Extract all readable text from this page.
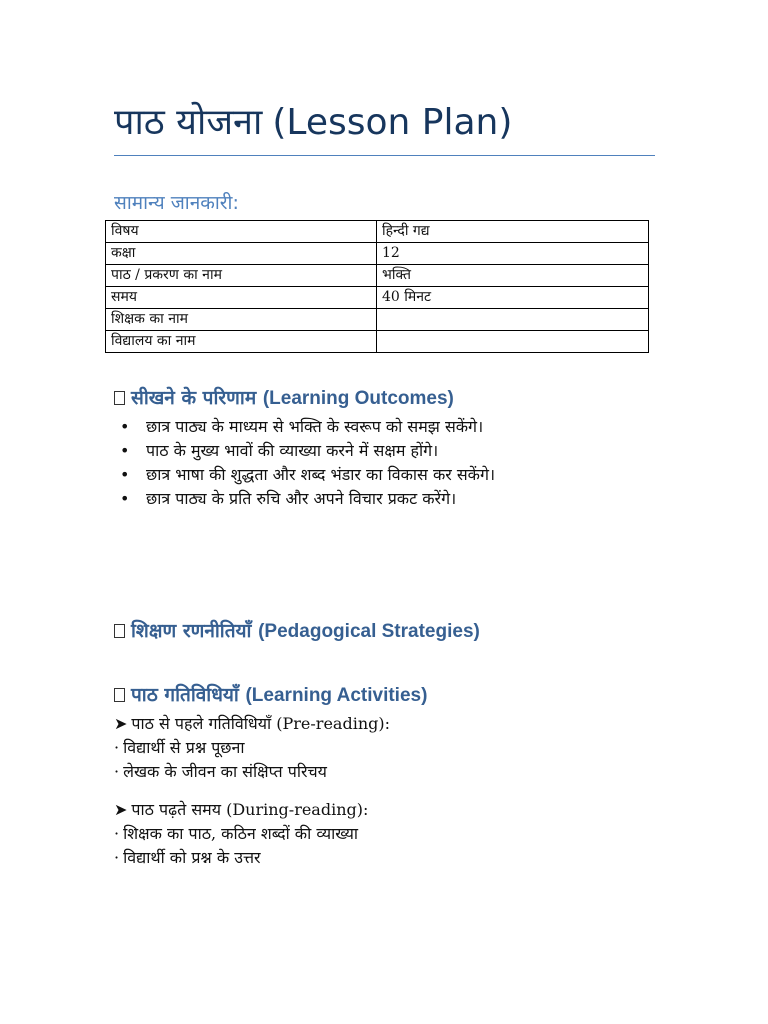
पाठ योजना (Lesson Plan)
सामान्य जानकारी:
विषय	हिन्दी गद्य
कक्षा	12
पाठ / प्रकरण का नाम	भक्ति
समय	40 मिनट
शिक्षक का नाम	
विद्यालय का नाम	
सीखने के परिणाम (Learning Outcomes)
• छात्र पाठ्य के माध्यम से भक्ति के स्वरूप को समझ सकेंगे।
• पाठ के मुख्य भावों की व्याख्या करने में सक्षम होंगे।
• छात्र भाषा की शुद्धता और शब्द भंडार का विकास कर सकेंगे।
• छात्र पाठ्य के प्रति रुचि और अपने विचार प्रकट करेंगे।
शिक्षण रणनीतियाँ (Pedagogical Strategies)
पाठ गतिविधियाँ (Learning Activities)
➤ पाठ से पहले गतिविधियाँ (Pre-reading):
· विद्यार्थी से प्रश्न पूछना
· लेखक के जीवन का संक्षिप्त परिचय
➤ पाठ पढ़ते समय (During-reading):
· शिक्षक का पाठ, कठिन शब्दों की व्याख्या
· विद्यार्थी को प्रश्न के उत्तर
